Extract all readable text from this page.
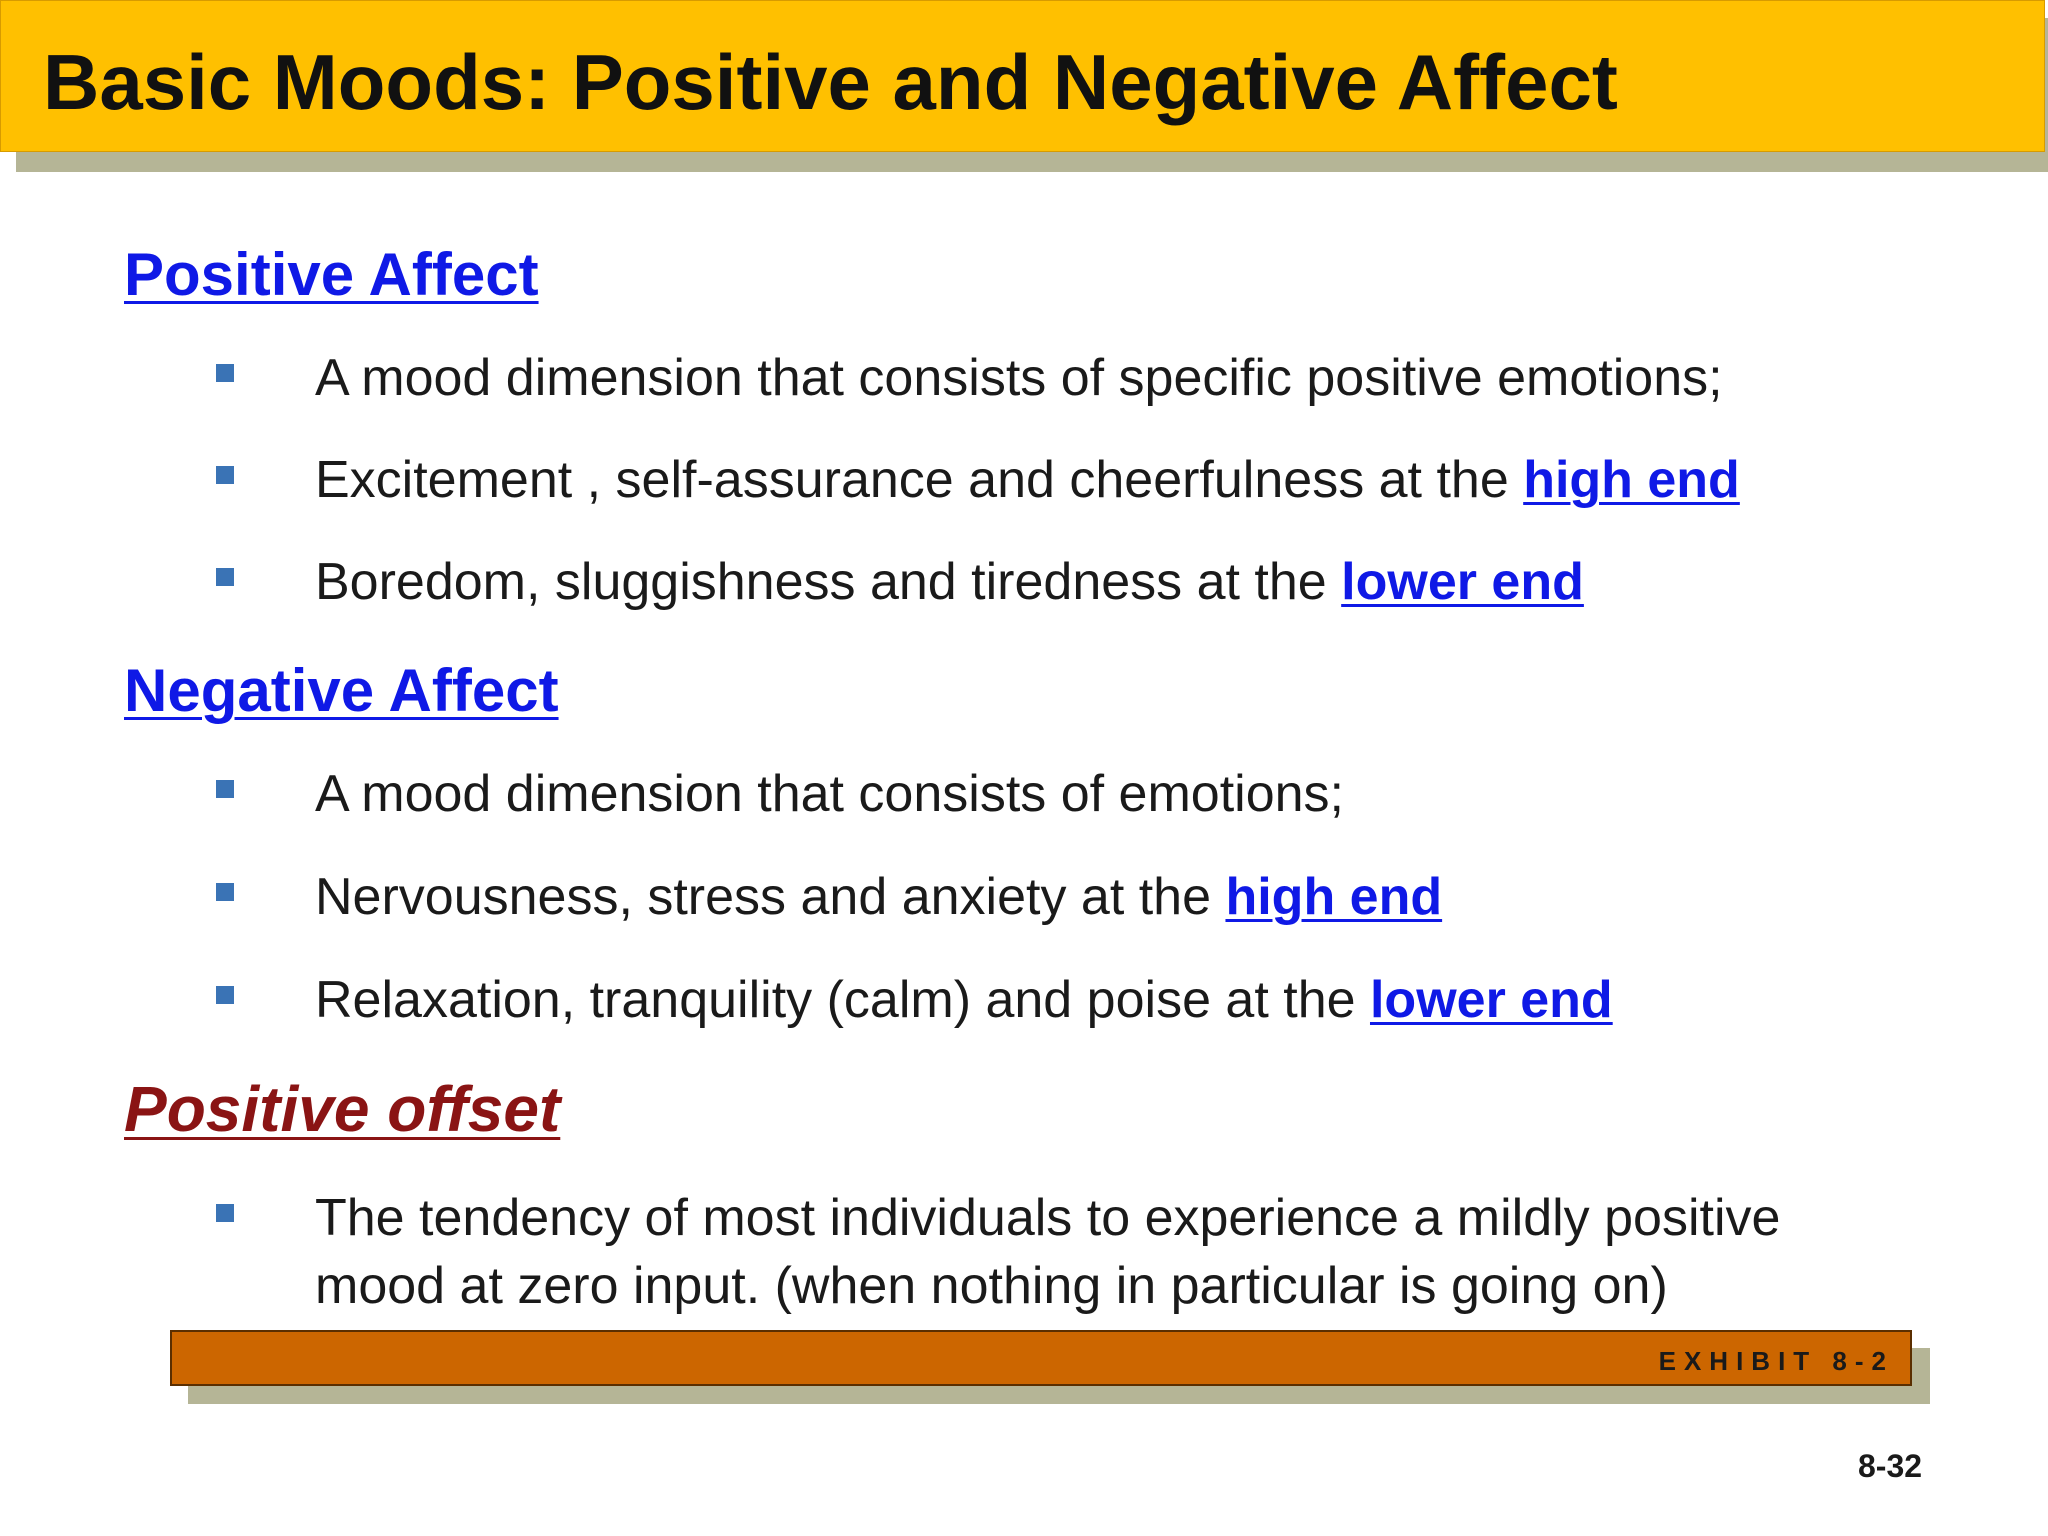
Basic Moods: Positive and Negative Affect
Positive Affect
A mood dimension that consists of specific positive emotions;
Excitement , self-assurance and cheerfulness at the high end
Boredom, sluggishness and tiredness at the lower end
Negative Affect
A mood dimension that consists of emotions;
Nervousness, stress and anxiety at the high end
Relaxation, tranquility (calm) and poise at the lower end
Positive offset
The tendency of most individuals to experience a mildly positive
mood at zero input. (when nothing in particular is going on)
EXHIBIT 8-2
8-32
